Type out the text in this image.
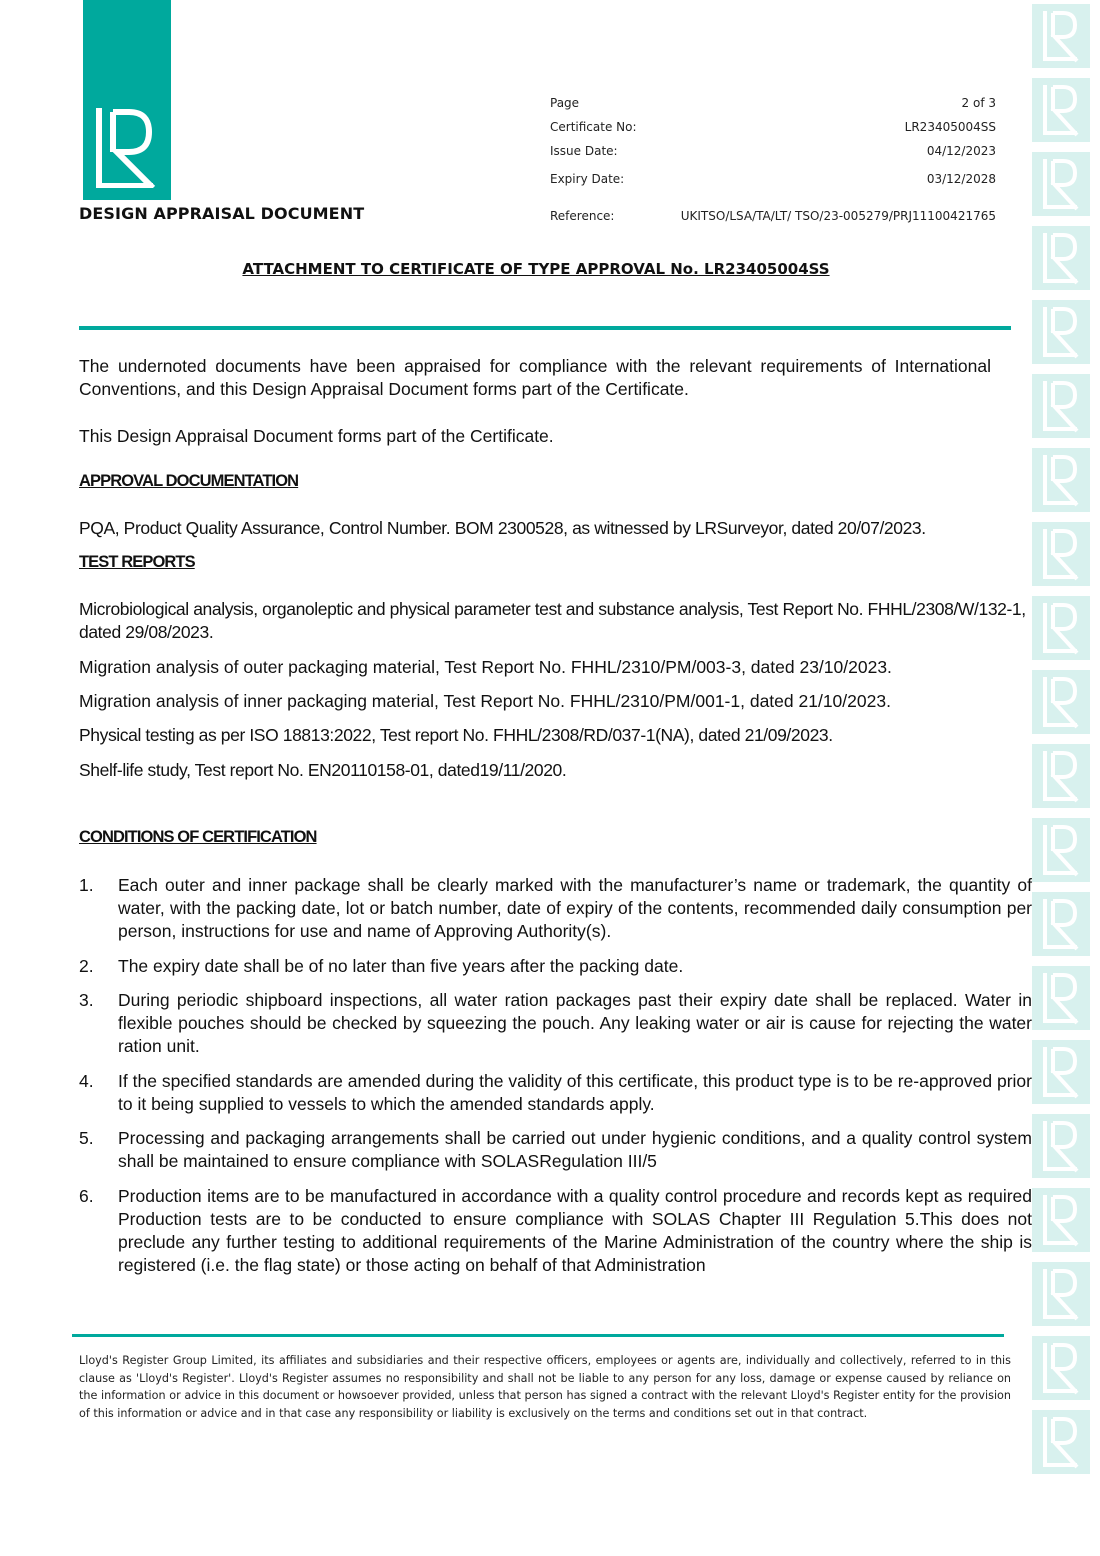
DESIGN APPRAISAL DOCUMENT
Page	2 of 3
Certificate No:	LR23405004SS
Issue Date:	04/12/2023
Expiry Date:	03/12/2028
Reference:	UKITSO/LSA/TA/LT/ TSO/23-005279/PRJ11100421765
ATTACHMENT TO CERTIFICATE OF TYPE APPROVAL No. LR23405004SS
The undernoted documents have been appraised for compliance with the relevant requirements of International Conventions, and this Design Appraisal Document forms part of the Certificate.
This Design Appraisal Document forms part of the Certificate.
APPROVAL DOCUMENTATION
PQA, Product Quality Assurance, Control Number. BOM 2300528, as witnessed by LRSurveyor, dated 20/07/2023.
TEST REPORTS
Microbiological analysis, organoleptic and physical parameter test and substance analysis, Test Report No. FHHL/2308/W/132-1, dated 29/08/2023.
Migration analysis of outer packaging material, Test Report No. FHHL/2310/PM/003-3, dated 23/10/2023.
Migration analysis of inner packaging material, Test Report No. FHHL/2310/PM/001-1, dated 21/10/2023.
Physical testing as per ISO 18813:2022, Test report No. FHHL/2308/RD/037-1(NA), dated 21/09/2023.
Shelf-life study, Test report No. EN20110158-01, dated19/11/2020.
CONDITIONS OF CERTIFICATION
1. Each outer and inner package shall be clearly marked with the manufacturer’s name or trademark, the quantity of water, with the packing date, lot or batch number, date of expiry of the contents, recommended daily consumption per person, instructions for use and name of Approving Authority(s).
2. The expiry date shall be of no later than five years after the packing date.
3. During periodic shipboard inspections, all water ration packages past their expiry date shall be replaced. Water in flexible pouches should be checked by squeezing the pouch. Any leaking water or air is cause for rejecting the water ration unit.
4. If the specified standards are amended during the validity of this certificate, this product type is to be re-approved prior to it being supplied to vessels to which the amended standards apply.
5. Processing and packaging arrangements shall be carried out under hygienic conditions, and a quality control system shall be maintained to ensure compliance with SOLASRegulation III/5
6. Production items are to be manufactured in accordance with a quality control procedure and records kept as required Production tests are to be conducted to ensure compliance with SOLAS Chapter III Regulation 5.This does not preclude any further testing to additional requirements of the Marine Administration of the country where the ship is registered (i.e. the flag state) or those acting on behalf of that Administration
Lloyd's Register Group Limited, its affiliates and subsidiaries and their respective officers, employees or agents are, individually and collectively, referred to in this clause as 'Lloyd's Register'. Lloyd's Register assumes no responsibility and shall not be liable to any person for any loss, damage or expense caused by reliance on the information or advice in this document or howsoever provided, unless that person has signed a contract with the relevant Lloyd's Register entity for the provision of this information or advice and in that case any responsibility or liability is exclusively on the terms and conditions set out in that contract.
